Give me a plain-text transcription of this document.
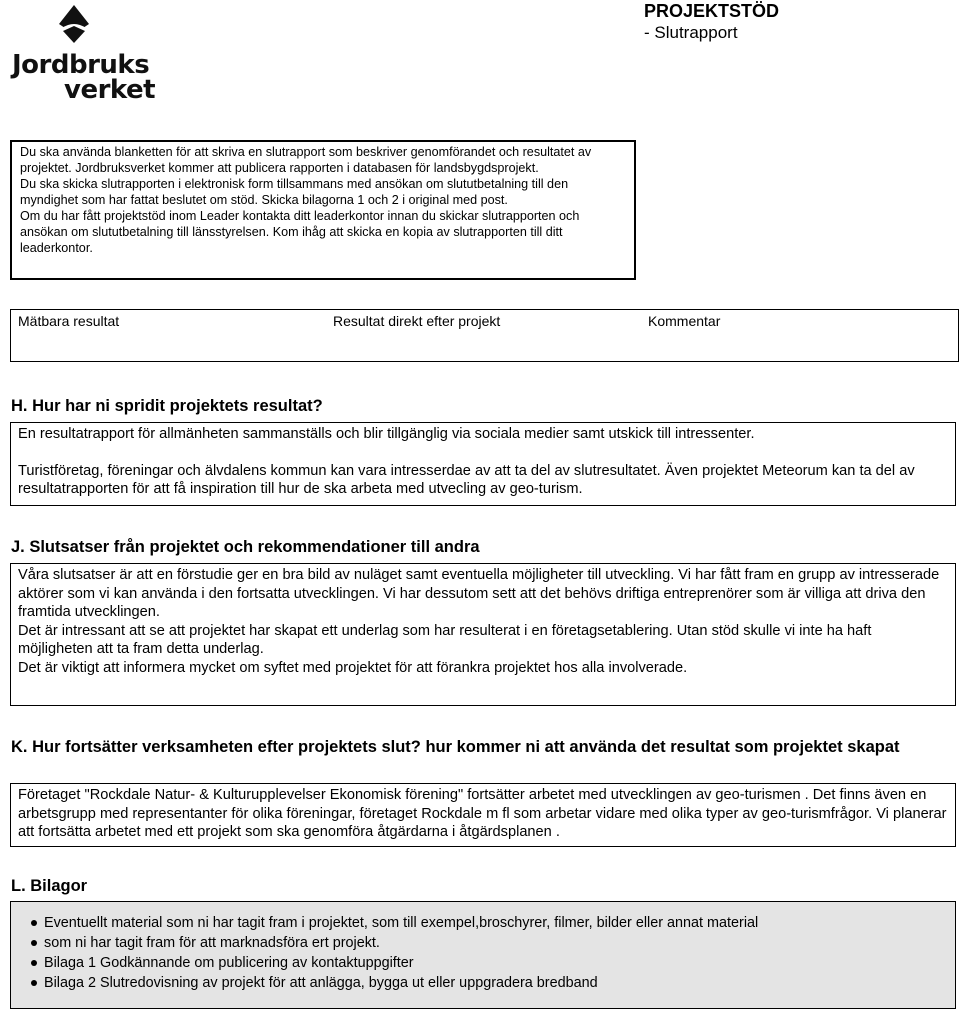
Jordbruks
verket
PROJEKTSTÖD
- Slutrapport

Du ska använda blanketten för att skriva en slutrapport som beskriver genomförandet och resultatet av projektet. Jordbruksverket kommer att publicera rapporten i databasen för landsbygdsprojekt.

Du ska skicka slutrapporten i elektronisk form tillsammans med ansökan om slututbetalning till den myndighet som har fattat beslutet om stöd. Skicka bilagorna 1 och 2 i original med post.

Om du har fått projektstöd inom Leader kontakta ditt leaderkontor innan du skickar slutrapporten och ansökan om slututbetalning till länsstyrelsen. Kom ihåg att skicka en kopia av slutrapporten till ditt leaderkontor.

Mätbara resultat	Resultat direkt efter projekt	Kommentar
H. Hur har ni spridit projektets resultat?

En resultatrapport för allmänheten sammanställs och blir tillgänglig via sociala medier samt utskick till intressenter.

Turistföretag, föreningar och älvdalens kommun kan vara intresserdae av att ta del av slutresultatet. Även projektet Meteorum kan ta del av resultatrapporten för att få inspiration till hur de ska arbeta med utvecling av geo-turism.

J. Slutsatser från projektet och rekommendationer till andra

Våra slutsatser är att en förstudie ger en bra bild av nuläget samt eventuella möjligheter till utveckling. Vi har fått fram en grupp av intresserade aktörer som vi kan använda i den fortsatta utvecklingen. Vi har dessutom sett att det behövs driftiga entreprenörer som är villiga att driva den framtida utvecklingen.

Det är intressant att se att projektet har skapat ett underlag som har resulterat i en företagsetablering. Utan stöd skulle vi inte ha haft möjligheten att ta fram detta underlag.

Det är viktigt att informera mycket om syftet med projektet för att förankra projektet hos alla involverade.

K. Hur fortsätter verksamheten efter projektets slut? hur kommer ni att använda det resultat som projektet skapat

Företaget "Rockdale Natur- & Kulturupplevelser Ekonomisk förening" fortsätter arbetet med utvecklingen av geo-turismen . Det finns även en arbetsgrupp med representanter för olika föreningar, företaget Rockdale m fl som arbetar vidare med olika typer av geo-turismfrågor. Vi planerar att fortsätta arbetet med ett projekt som ska genomföra åtgärdarna i åtgärdsplanen .

L. Bilagor
Eventuellt material som ni har tagit fram i projektet, som till exempel,broschyrer, filmer, bilder eller annat material
som ni har tagit fram för att marknadsföra ert projekt.
Bilaga 1 Godkännande om publicering av kontaktuppgifter
Bilaga 2 Slutredovisning av projekt för att anlägga, bygga ut eller uppgradera bredband
